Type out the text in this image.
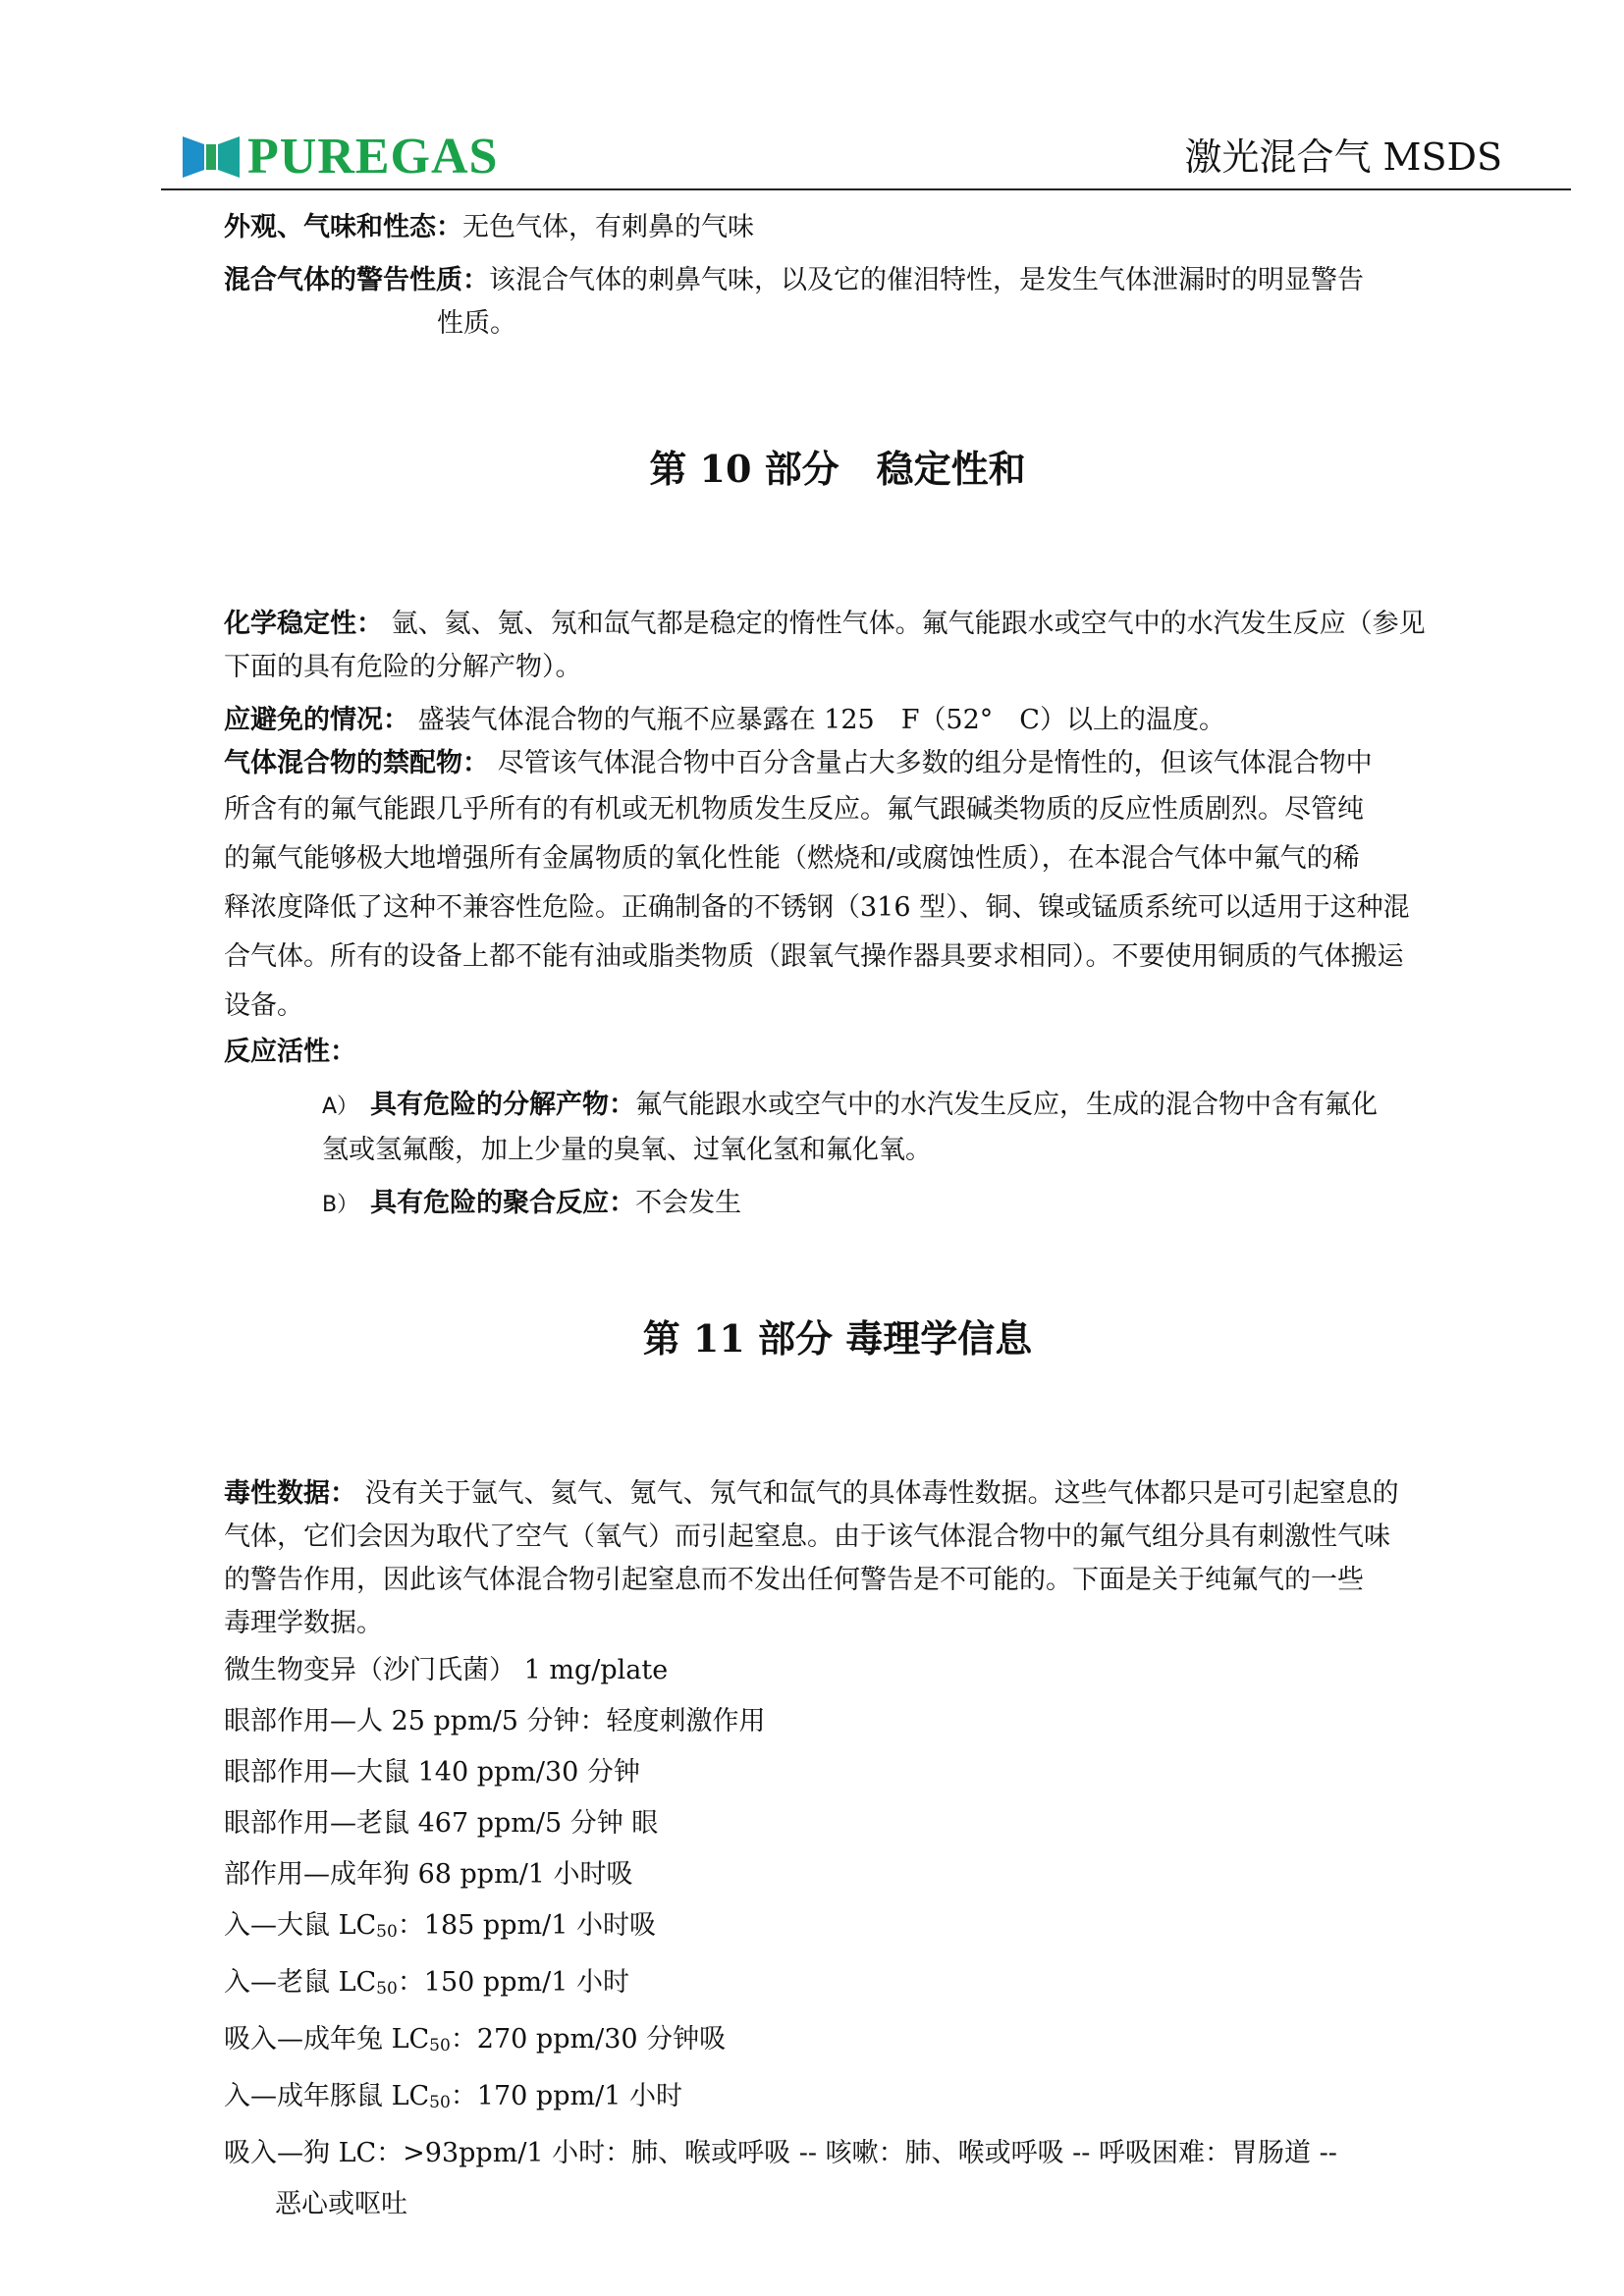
PUREGAS	激光混合气 MSDS

外观、气味和性态：无色气体，有刺鼻的气味

混合气体的警告性质：该混合气体的刺鼻气味，以及它的催泪特性，是发生气体泄漏时的明显警告

性质。

第 10 部分　稳定性和

化学稳定性： 氩、氦、氪、氖和氙气都是稳定的惰性气体。氟气能跟水或空气中的水汽发生反应（参见

下面的具有危险的分解产物）。

应避免的情况： 盛装气体混合物的气瓶不应暴露在 125　F（52°　C）以上的温度。

气体混合物的禁配物： 尽管该气体混合物中百分含量占大多数的组分是惰性的，但该气体混合物中

所含有的氟气能跟几乎所有的有机或无机物质发生反应。氟气跟碱类物质的反应性质剧烈。尽管纯

的氟气能够极大地增强所有金属物质的氧化性能（燃烧和/或腐蚀性质），在本混合气体中氟气的稀

释浓度降低了这种不兼容性危险。正确制备的不锈钢（316 型）、铜、镍或锰质系统可以适用于这种混

合气体。所有的设备上都不能有油或脂类物质（跟氧气操作器具要求相同）。不要使用铜质的气体搬运

设备。

反应活性：

A） 具有危险的分解产物：氟气能跟水或空气中的水汽发生反应，生成的混合物中含有氟化

氢或氢氟酸，加上少量的臭氧、过氧化氢和氟化氧。

B） 具有危险的聚合反应：不会发生

第 11 部分 毒理学信息

毒性数据： 没有关于氩气、氦气、氪气、氖气和氙气的具体毒性数据。这些气体都只是可引起窒息的

气体，它们会因为取代了空气（氧气）而引起窒息。由于该气体混合物中的氟气组分具有刺激性气味

的警告作用，因此该气体混合物引起窒息而不发出任何警告是不可能的。下面是关于纯氟气的一些

毒理学数据。

微生物变异（沙门氏菌） 1 mg/plate

眼部作用—人 25 ppm/5 分钟：轻度刺激作用

眼部作用—大鼠 140 ppm/30 分钟

眼部作用—老鼠 467 ppm/5 分钟 眼

部作用—成年狗 68 ppm/1 小时吸

入—大鼠 $LC_{50}$：185 ppm/1 小时吸

入—老鼠 $LC_{50}$：150 ppm/1 小时

吸入—成年兔 $LC_{50}$：270 ppm/30 分钟吸

入—成年豚鼠 $LC_{50}$：170 ppm/1 小时

吸入—狗 LC：>93ppm/1 小时：肺、喉或呼吸 -- 咳嗽：肺、喉或呼吸 -- 呼吸困难：胃肠道 --

恶心或呕吐
